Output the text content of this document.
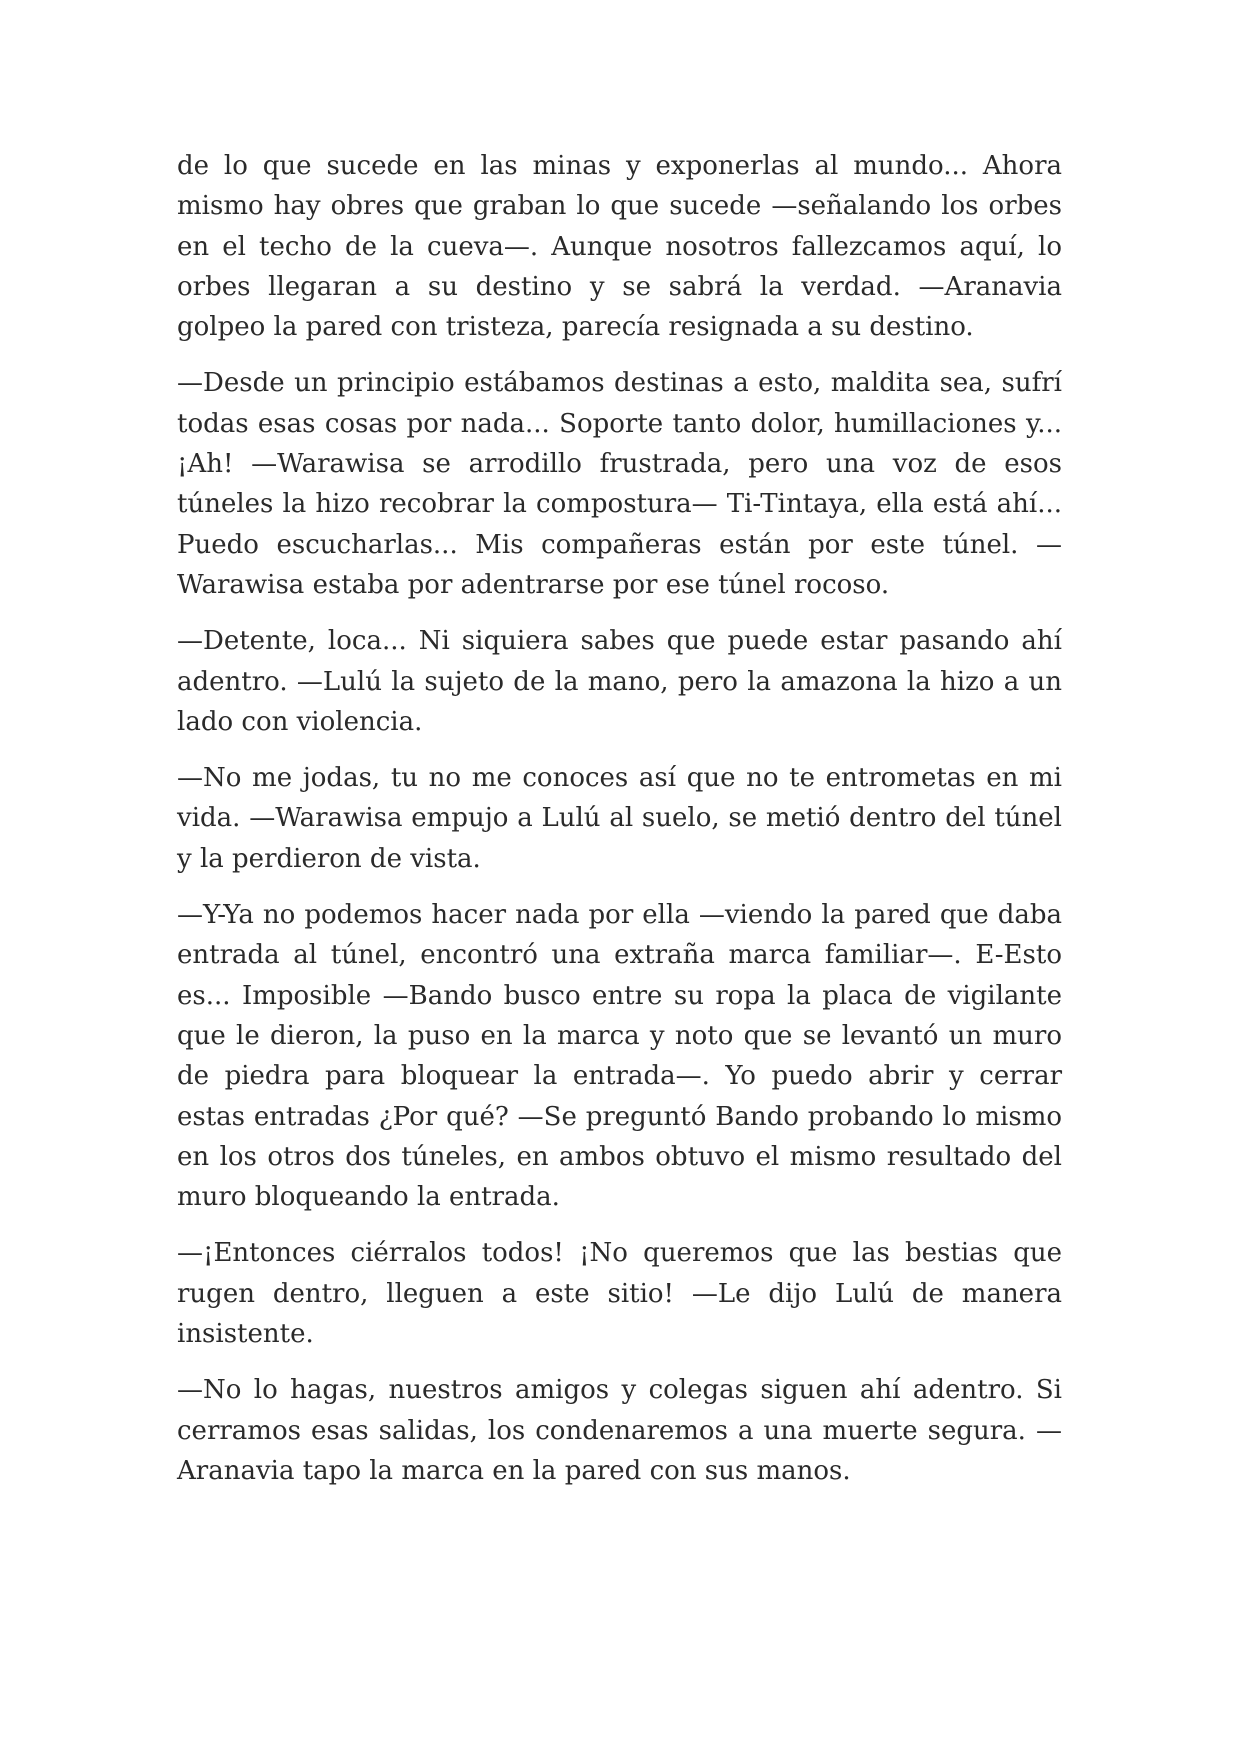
de lo que sucede en las minas y exponerlas al mundo... Ahora mismo hay obres que graban lo que sucede —señalando los orbes en el techo de la cueva—. Aunque nosotros fallezcamos aquí, lo orbes llegaran a su destino y se sabrá la verdad. —Aranavia golpeo la pared con tristeza, parecía resignada a su destino.

—Desde un principio estábamos destinas a esto, maldita sea, sufrí todas esas cosas por nada... Soporte tanto dolor, humillaciones y... ¡Ah! —Warawisa se arrodillo frustrada, pero una voz de esos túneles la hizo recobrar la compostura— Ti-Tintaya, ella está ahí... Puedo escucharlas... Mis compañeras están por este túnel. —Warawisa estaba por adentrarse por ese túnel rocoso.

—Detente, loca... Ni siquiera sabes que puede estar pasando ahí adentro. —Lulú la sujeto de la mano, pero la amazona la hizo a un lado con violencia.

—No me jodas, tu no me conoces así que no te entrometas en mi vida. —Warawisa empujo a Lulú al suelo, se metió dentro del túnel y la perdieron de vista.

—Y-Ya no podemos hacer nada por ella —viendo la pared que daba entrada al túnel, encontró una extraña marca familiar—. E-Esto es... Imposible —Bando busco entre su ropa la placa de vigilante que le dieron, la puso en la marca y noto que se levantó un muro de piedra para bloquear la entrada—. Yo puedo abrir y cerrar estas entradas ¿Por qué? —Se preguntó Bando probando lo mismo en los otros dos túneles, en ambos obtuvo el mismo resultado del muro bloqueando la entrada.

—¡Entonces ciérralos todos! ¡No queremos que las bestias que rugen dentro, lleguen a este sitio! —Le dijo Lulú de manera insistente.

—No lo hagas, nuestros amigos y colegas siguen ahí adentro. Si cerramos esas salidas, los condenaremos a una muerte segura. —Aranavia tapo la marca en la pared con sus manos.
